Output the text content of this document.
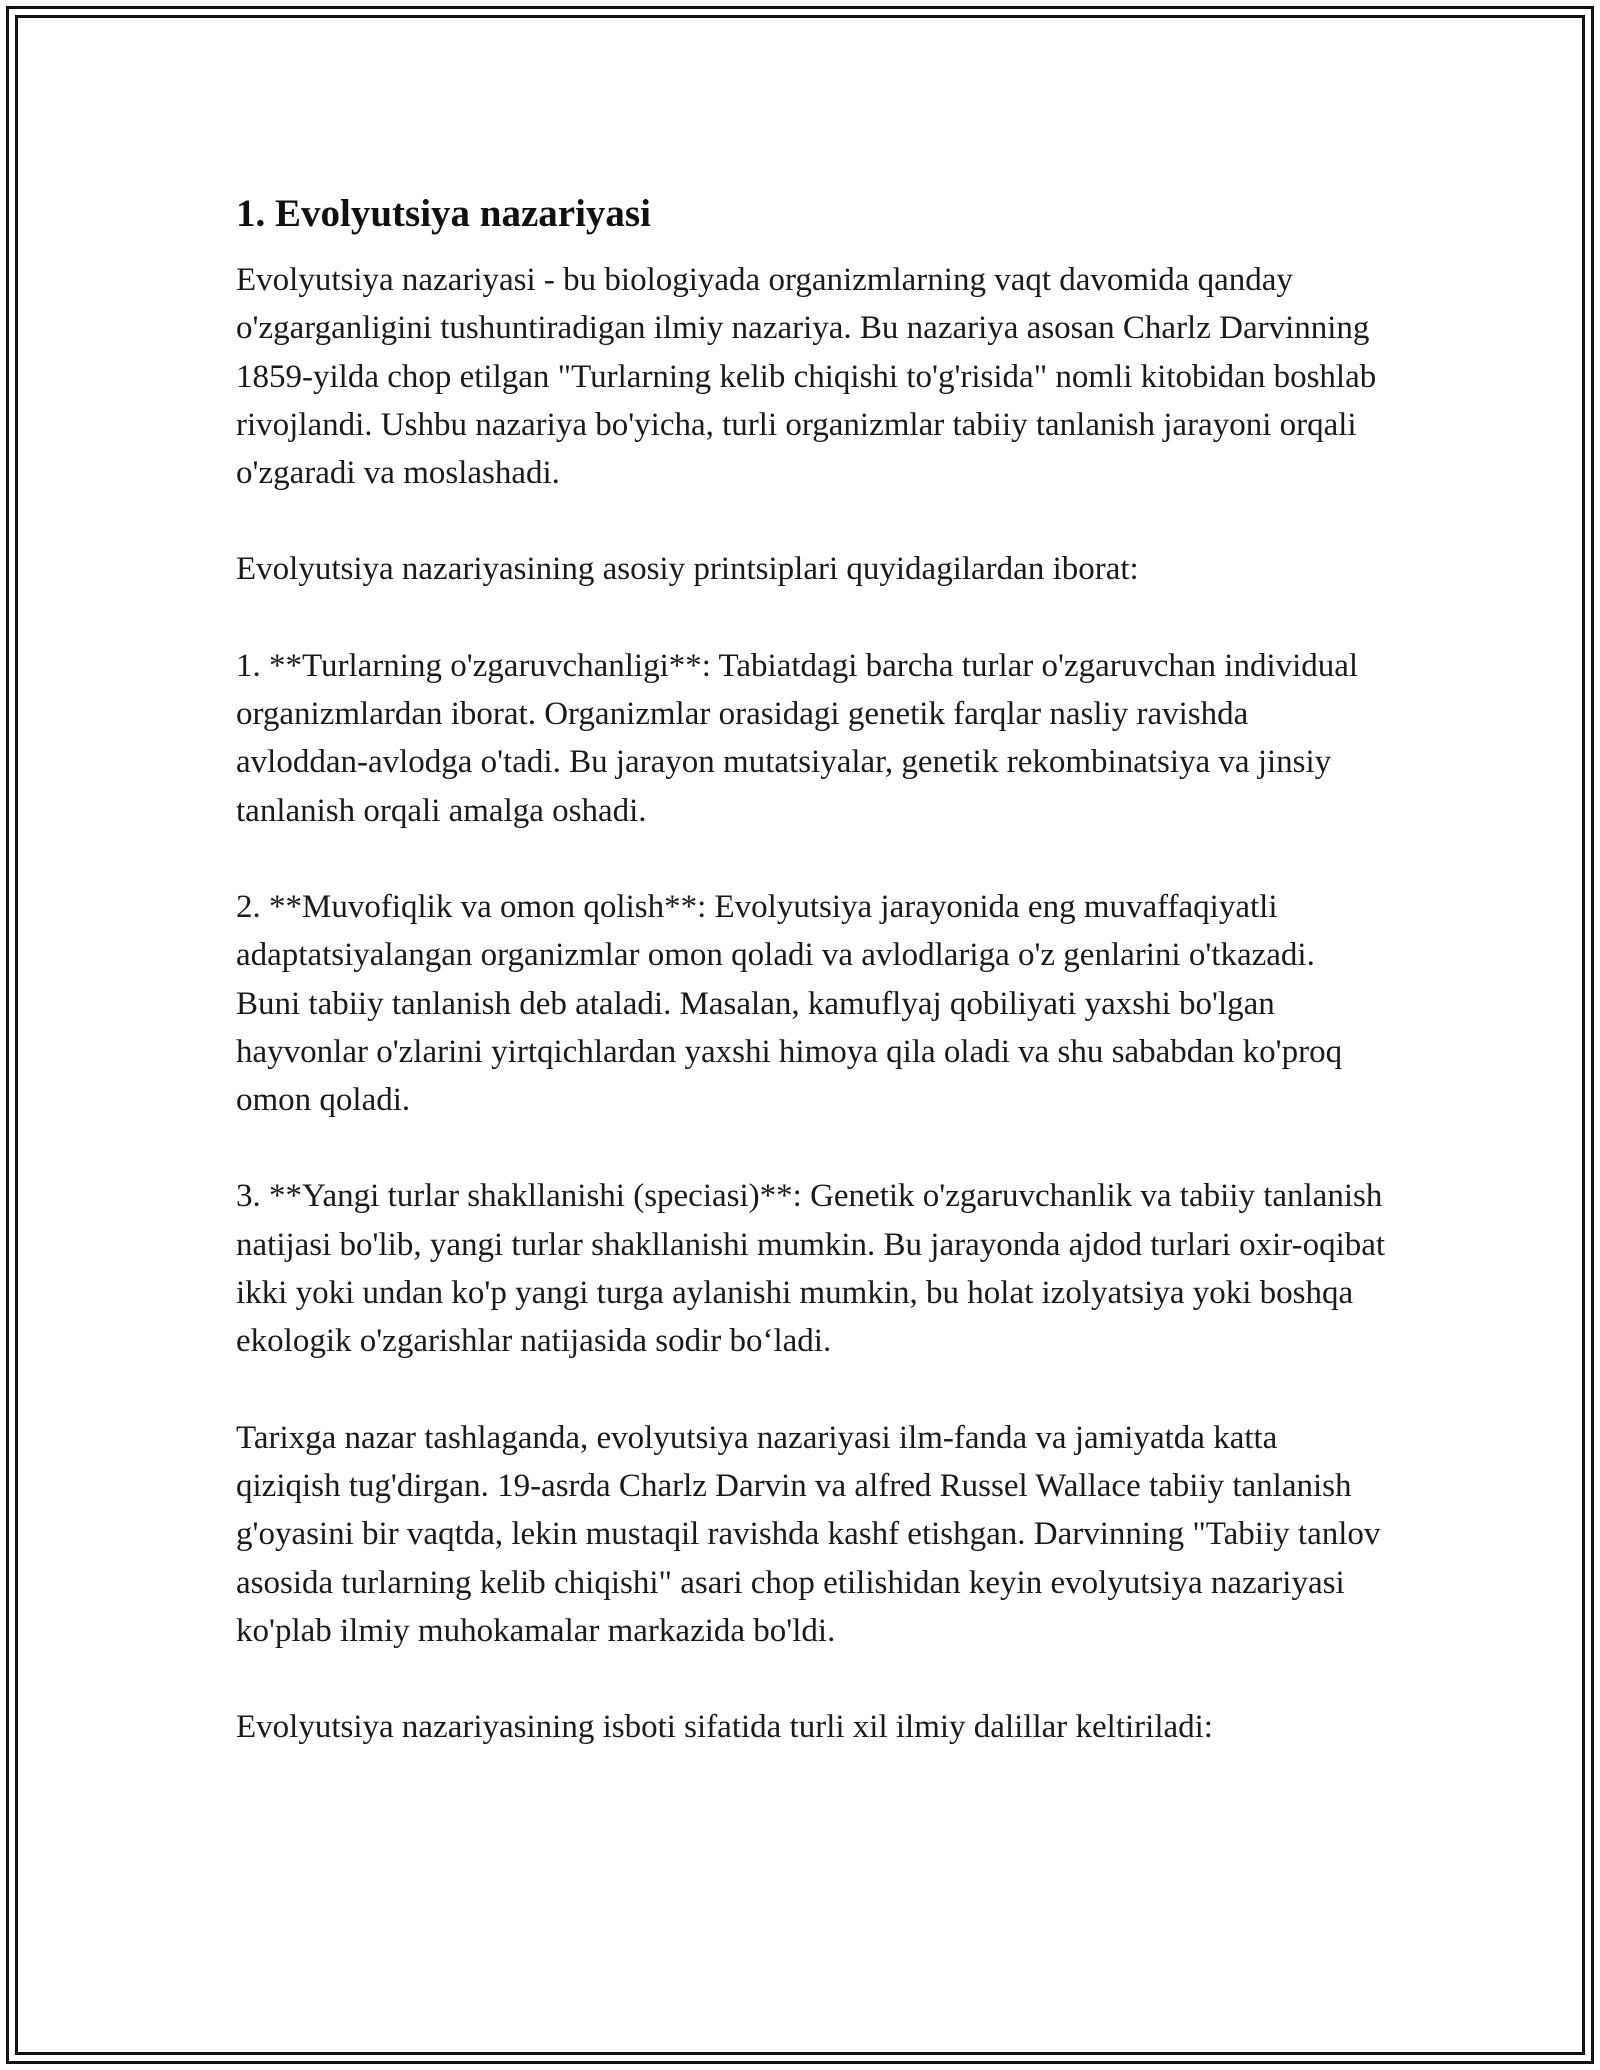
1. Evolyutsiya nazariyasi

Evolyutsiya nazariyasi - bu biologiyada organizmlarning vaqt davomida qanday o'zgarganligini tushuntiradigan ilmiy nazariya. Bu nazariya asosan Charlz Darvinning 1859-yilda chop etilgan "Turlarning kelib chiqishi to'g'risida" nomli kitobidan boshlab rivojlandi. Ushbu nazariya bo'yicha, turli organizmlar tabiiy tanlanish jarayoni orqali o'zgaradi va moslashadi.

Evolyutsiya nazariyasining asosiy printsiplari quyidagilardan iborat:

1. **Turlarning o'zgaruvchanligi**: Tabiatdagi barcha turlar o'zgaruvchan individual organizmlardan iborat. Organizmlar orasidagi genetik farqlar nasliy ravishda avloddan-avlodga o'tadi. Bu jarayon mutatsiyalar, genetik rekombinatsiya va jinsiy tanlanish orqali amalga oshadi.

2. **Muvofiqlik va omon qolish**: Evolyutsiya jarayonida eng muvaffaqiyatli adaptatsiyalangan organizmlar omon qoladi va avlodlariga o'z genlarini o'tkazadi. Buni tabiiy tanlanish deb ataladi. Masalan, kamuflyaj qobiliyati yaxshi bo'lgan hayvonlar o'zlarini yirtqichlardan yaxshi himoya qila oladi va shu sababdan ko'proq omon qoladi.

3. **Yangi turlar shakllanishi (speciasi)**: Genetik o'zgaruvchanlik va tabiiy tanlanish natijasi bo'lib, yangi turlar shakllanishi mumkin. Bu jarayonda ajdod turlari oxir-oqibat ikki yoki undan ko'p yangi turga aylanishi mumkin, bu holat izolyatsiya yoki boshqa ekologik o'zgarishlar natijasida sodir bo‘ladi.

Tarixga nazar tashlaganda, evolyutsiya nazariyasi ilm-fanda va jamiyatda katta qiziqish tug'dirgan. 19-asrda Charlz Darvin va alfred Russel Wallace tabiiy tanlanish g'oyasini bir vaqtda, lekin mustaqil ravishda kashf etishgan. Darvinning "Tabiiy tanlov asosida turlarning kelib chiqishi" asari chop etilishidan keyin evolyutsiya nazariyasi ko'plab ilmiy muhokamalar markazida bo'ldi.

Evolyutsiya nazariyasining isboti sifatida turli xil ilmiy dalillar keltiriladi:
